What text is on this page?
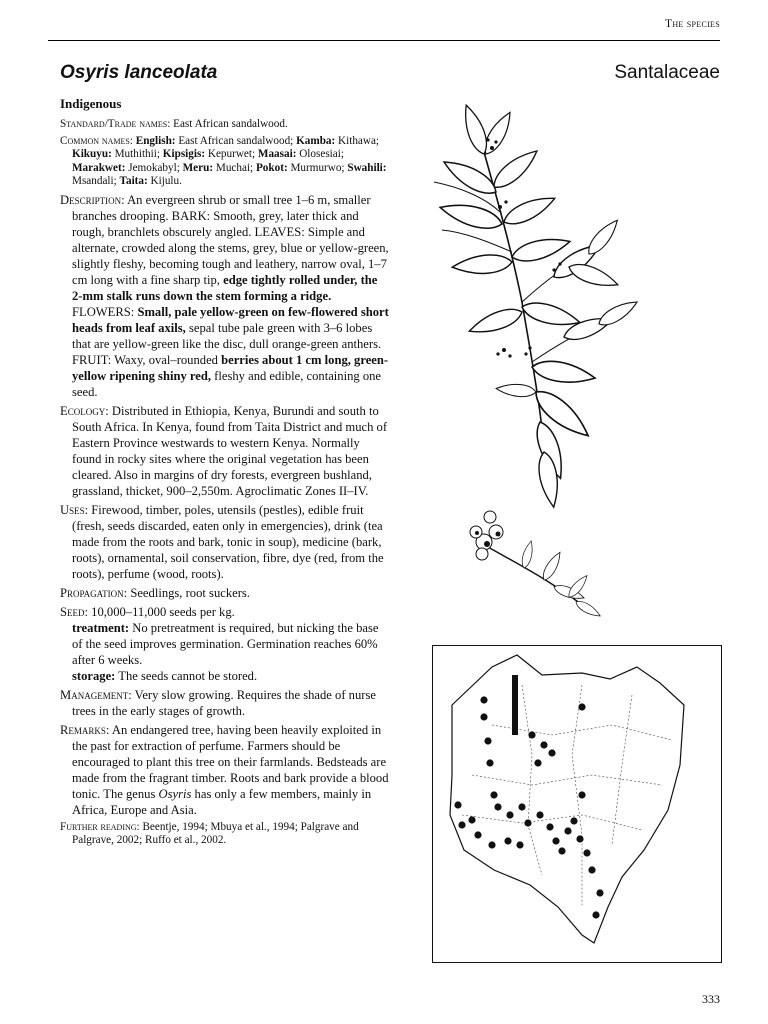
The species
Osyris lanceolata	Santalaceae
Indigenous

Standard/Trade names: East African sandalwood.

Common names: English: East African sandalwood; Kamba: Kithawa; Kikuyu: Muthithii; Kipsigis: Kepurwet; Maasai: Olosesiai; Marakwet: Jemokabyl; Meru: Muchai; Pokot: Murmurwo; Swahili: Msandali; Taita: Kijulu.

Description: An evergreen shrub or small tree 1–6 m, smaller branches drooping. BARK: Smooth, grey, later thick and rough, branchlets obscurely angled. LEAVES: Simple and alternate, crowded along the stems, grey, blue or yellow-green, slightly fleshy, becoming tough and leathery, narrow oval, 1–7 cm long with a fine sharp tip, edge tightly rolled under, the 2-mm stalk runs down the stem forming a ridge. FLOWERS: Small, pale yellow-green on few-flowered short heads from leaf axils, sepal tube pale green with 3–6 lobes that are yellow-green like the disc, dull orange-green anthers. FRUIT: Waxy, oval–rounded berries about 1 cm long, green-yellow ripening shiny red, fleshy and edible, containing one seed.

Ecology: Distributed in Ethiopia, Kenya, Burundi and south to South Africa. In Kenya, found from Taita District and much of Eastern Province westwards to western Kenya. Normally found in rocky sites where the original vegetation has been cleared. Also in margins of dry forests, evergreen bushland, grassland, thicket, 900–2,550m. Agroclimatic Zones II–IV.

Uses: Firewood, timber, poles, utensils (pestles), edible fruit (fresh, seeds discarded, eaten only in emergencies), drink (tea made from the roots and bark, tonic in soup), medicine (bark, roots), ornamental, soil conservation, fibre, dye (red, from the roots), perfume (wood, roots).

Propagation: Seedlings, root suckers.

Seed: 10,000–11,000 seeds per kg.

treatment: No pretreatment is required, but nicking the base of the seed improves germination. Germination reaches 60% after 6 weeks.

storage: The seeds cannot be stored.

Management: Very slow growing. Requires the shade of nurse trees in the early stages of growth.

Remarks: An endangered tree, having been heavily exploited in the past for extraction of perfume. Farmers should be encouraged to plant this tree on their farmlands. Bedsteads are made from the fragrant timber. Roots and bark provide a blood tonic. The genus Osyris has only a few members, mainly in Africa, Europe and Asia.

Further reading: Beentje, 1994; Mbuya et al., 1994; Palgrave and Palgrave, 2002; Ruffo et al., 2002.

333
